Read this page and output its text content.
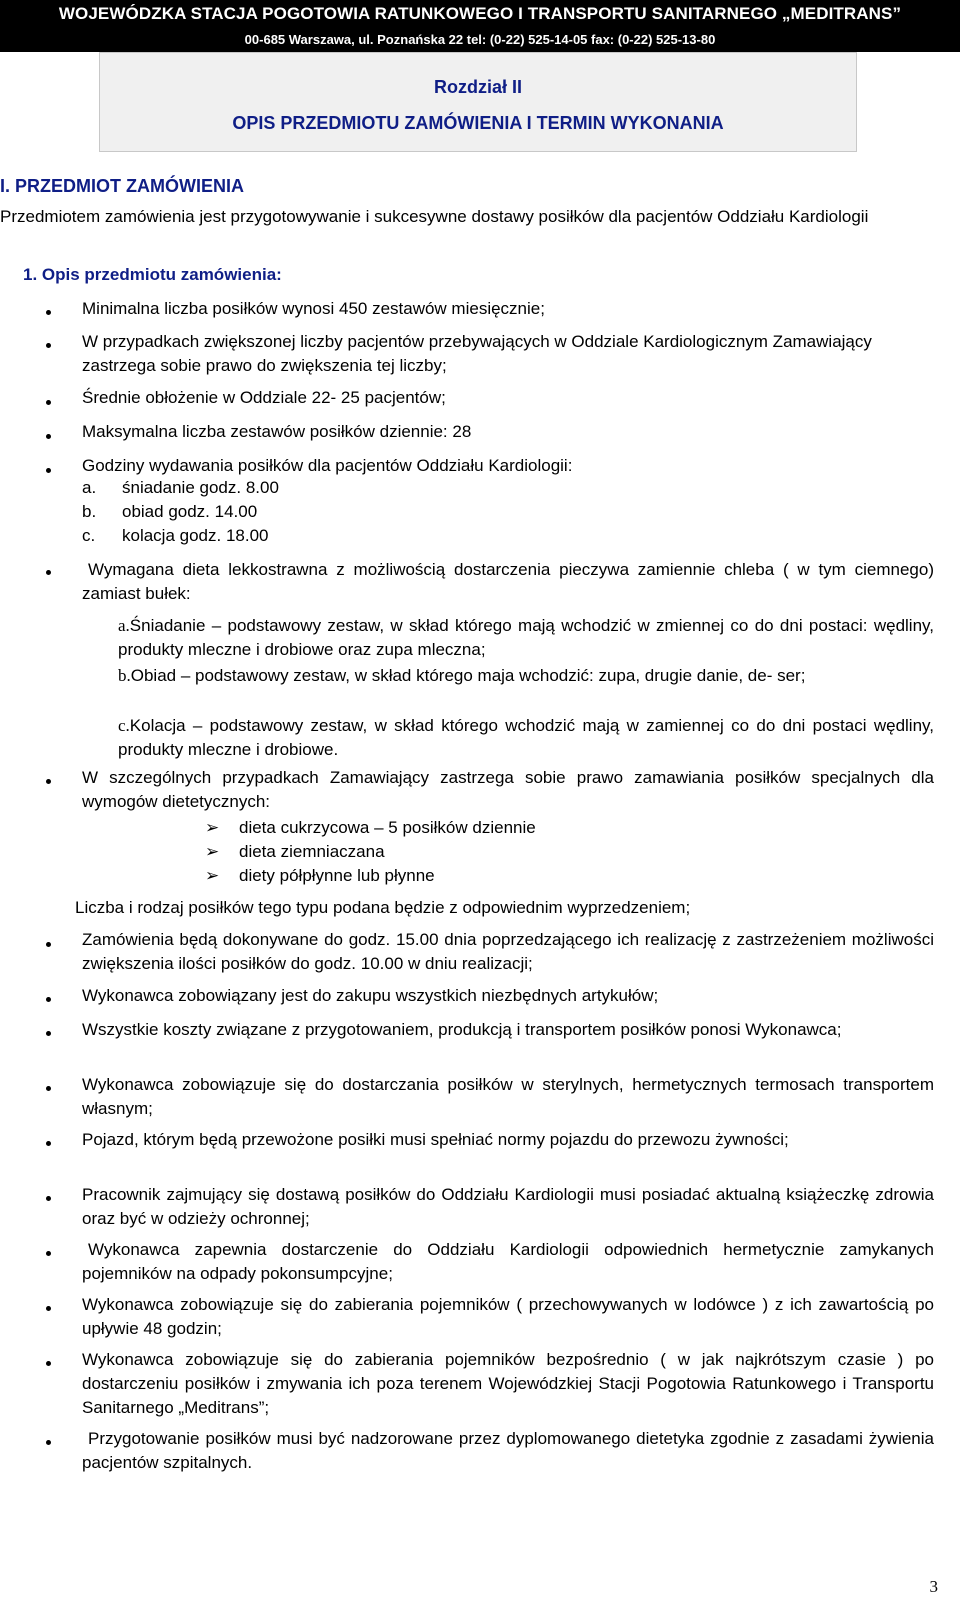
WOJEWÓDZKA STACJA POGOTOWIA RATUNKOWEGO I TRANSPORTU SANITARNEGO „MEDITRANS”
00-685 Warszawa, ul. Poznańska 22 tel: (0-22) 525-14-05 fax: (0-22) 525-13-80
Rozdział II
OPIS PRZEDMIOTU ZAMÓWIENIA I TERMIN WYKONANIA
I. PRZEDMIOT ZAMÓWIENIA
Przedmiotem zamówienia jest przygotowywanie i sukcesywne dostawy posiłków dla pacjentów Oddziału Kardiologii
1. Opis przedmiotu zamówienia:
Minimalna liczba posiłków wynosi 450 zestawów miesięcznie;
W przypadkach zwiększonej liczby pacjentów przebywających w Oddziale Kardiologicznym Zamawiający zastrzega sobie prawo do zwiększenia tej liczby;
Średnie obłożenie w Oddziale 22- 25 pacjentów;
Maksymalna liczba zestawów posiłków dziennie: 28
Godziny wydawania posiłków dla pacjentów Oddziału Kardiologii:
a. śniadanie godz. 8.00
b. obiad godz. 14.00
c. kolacja godz. 18.00
Wymagana dieta lekkostrawna z możliwością dostarczenia pieczywa zamiennie chleba ( w tym ciemnego) zamiast bułek:
a.Śniadanie – podstawowy zestaw, w skład którego mają wchodzić w zmiennej co do dni postaci: wędliny, produkty mleczne i drobiowe oraz zupa mleczna;
b.Obiad – podstawowy zestaw, w skład którego maja wchodzić: zupa, drugie danie, de- ser;
c.Kolacja – podstawowy zestaw, w skład którego wchodzić mają w zamiennej co do dni postaci wędliny, produkty mleczne i drobiowe.
W szczególnych przypadkach Zamawiający zastrzega sobie prawo zamawiania posiłków specjalnych dla wymogów dietetycznych:
➢ dieta cukrzycowa – 5 posiłków dziennie
➢ dieta ziemniaczana
➢ diety półpłynne lub płynne
Liczba i rodzaj posiłków tego typu podana będzie z odpowiednim wyprzedzeniem;
Zamówienia będą dokonywane do godz. 15.00 dnia poprzedzającego ich realizację z zastrzeżeniem możliwości zwiększenia ilości posiłków do godz. 10.00 w dniu realizacji;
Wykonawca zobowiązany jest do zakupu wszystkich niezbędnych artykułów;
Wszystkie koszty związane z przygotowaniem, produkcją i transportem posiłków ponosi Wykonawca;
Wykonawca zobowiązuje się do dostarczania posiłków w sterylnych, hermetycznych termosach transportem własnym;
Pojazd, którym będą przewożone posiłki musi spełniać normy pojazdu do przewozu żywności;
Pracownik zajmujący się dostawą posiłków do Oddziału Kardiologii musi posiadać aktualną książeczkę zdrowia oraz być w odzieży ochronnej;
Wykonawca zapewnia dostarczenie do Oddziału Kardiologii odpowiednich hermetycznie zamykanych pojemników na odpady pokonsumpcyjne;
Wykonawca zobowiązuje się do zabierania pojemników ( przechowywanych w lodówce ) z ich zawartością po upływie 48 godzin;
Wykonawca zobowiązuje się do zabierania pojemników bezpośrednio ( w jak najkrótszym czasie ) po dostarczeniu posiłków i zmywania ich poza terenem Wojewódzkiej Stacji Pogotowia Ratunkowego i Transportu Sanitarnego „Meditrans”;
Przygotowanie posiłków musi być nadzorowane przez dyplomowanego dietetyka zgodnie z zasadami żywienia pacjentów szpitalnych.
3
